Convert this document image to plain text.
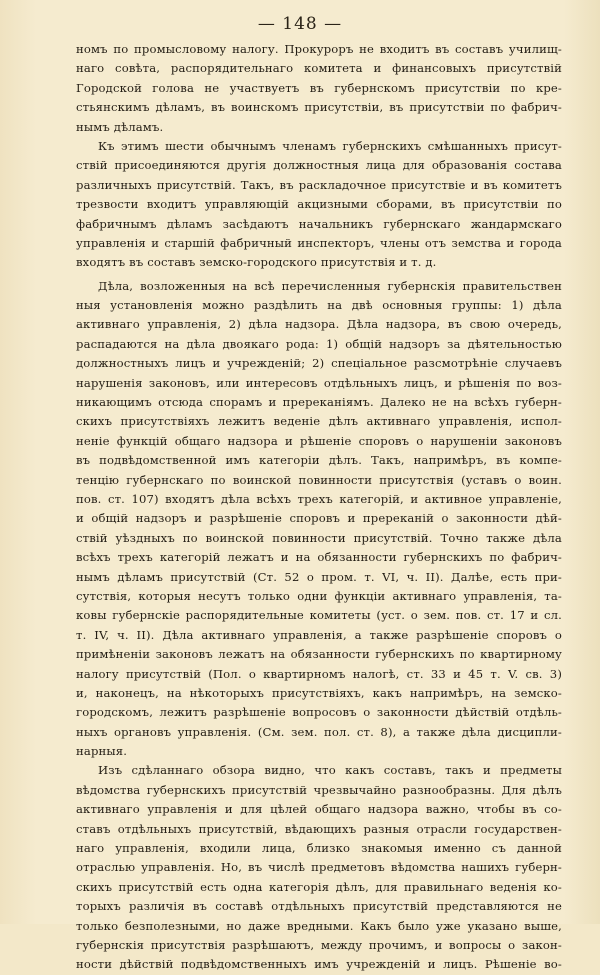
— 148 —
номъ по промысловому налогу. Прокуроръ не входитъ въ составъ училищ-
наго совѣта, распорядительнаго комитета и финансовыхъ присутствій
Городской голова не участвуетъ въ губернскомъ присутствіи по кре-
стьянскимъ дѣламъ, въ воинскомъ присутствіи, въ присутствіи по фабрич-
нымъ дѣламъ.
Къ этимъ шести обычнымъ членамъ губернскихъ смѣшанныхъ присут-
ствій присоединяются другія должностныя лица для образованія состава
различныхъ присутствій. Такъ, въ раскладочное присутствіе и въ комитетъ
трезвости входитъ управляющій акцизными сборами, въ присутствіи по
фабричнымъ дѣламъ засѣдаютъ начальникъ губернскаго жандармскаго
управленія и старшій фабричный инспекторъ, члены отъ земства и города
входятъ въ составъ земско-городского присутствія и т. д.
Дѣла, возложенныя на всѣ перечисленныя губернскія правительствен
ныя установленія можно раздѣлить на двѣ основныя группы: 1) дѣла
активнаго управленія, 2) дѣла надзора. Дѣла надзора, въ свою очередь,
распадаются на дѣла двоякаго рода: 1) общій надзоръ за дѣятельностью
должностныхъ лицъ и учрежденій; 2) спеціальное разсмотрѣніе случаевъ
нарушенія законовъ, или интересовъ отдѣльныхъ лицъ, и рѣшенія по воз-
никающимъ отсюда спорамъ и пререканіямъ. Далеко не на всѣхъ губерн-
скихъ присутствіяхъ лежитъ веденіе дѣлъ активнаго управленія, испол-
неніе функцій общаго надзора и рѣшеніе споровъ о нарушеніи законовъ
въ подвѣдомственной имъ категоріи дѣлъ. Такъ, напримѣръ, въ компе-
тенцію губернскаго по воинской повинности присутствія (уставъ о воин.
пов. ст. 107) входятъ дѣла всѣхъ трехъ категорій, и активное управленіе,
и общій надзоръ и разрѣшеніе споровъ и пререканій о законности дѣй-
ствій уѣздныхъ по воинской повинности присутствій. Точно также дѣла
всѣхъ трехъ категорій лежатъ и на обязанности губернскихъ по фабрич-
нымъ дѣламъ присутствій (Ст. 52 о пром. т. VI, ч. II). Далѣе, есть при-
сутствія, которыя несутъ только одни функціи активнаго управленія, та-
ковы губернскіе распорядительные комитеты (уст. о зем. пов. ст. 17 и сл.
т. IV, ч. II). Дѣла активнаго управленія, а также разрѣшеніе споровъ о
примѣненіи законовъ лежатъ на обязанности губернскихъ по квартирному
налогу присутствій (Пол. о квартирномъ налогѣ, ст. 33 и 45 т. V. св. 3)
и, наконецъ, на нѣкоторыхъ присутствіяхъ, какъ напримѣръ, на земско-
городскомъ, лежитъ разрѣшеніе вопросовъ о законности дѣйствій отдѣль-
ныхъ органовъ управленія. (См. зем. пол. ст. 8), а также дѣла дисципли-
нарныя.
Изъ сдѣланнаго обзора видно, что какъ составъ, такъ и предметы
вѣдомства губернскихъ присутствій чрезвычайно разнообразны. Для дѣлъ
активнаго управленія и для цѣлей общаго надзора важно, чтобы въ со-
ставъ отдѣльныхъ присутствій, вѣдающихъ разныя отрасли государствен-
наго управленія, входили лица, близко знакомыя именно съ данной
отраслью управленія. Но, въ числѣ предметовъ вѣдомства нашихъ губерн-
скихъ присутствій есть одна категорія дѣлъ, для правильнаго веденія ко-
торыхъ различія въ составѣ отдѣльныхъ присутствій представляются не
только безполезными, но даже вредными. Какъ было уже указано выше,
губернскія присутствія разрѣшаютъ, между прочимъ, и вопросы о закон-
ности дѣйствій подвѣдомственныхъ имъ учрежденій и лицъ. Рѣшеніе во-
